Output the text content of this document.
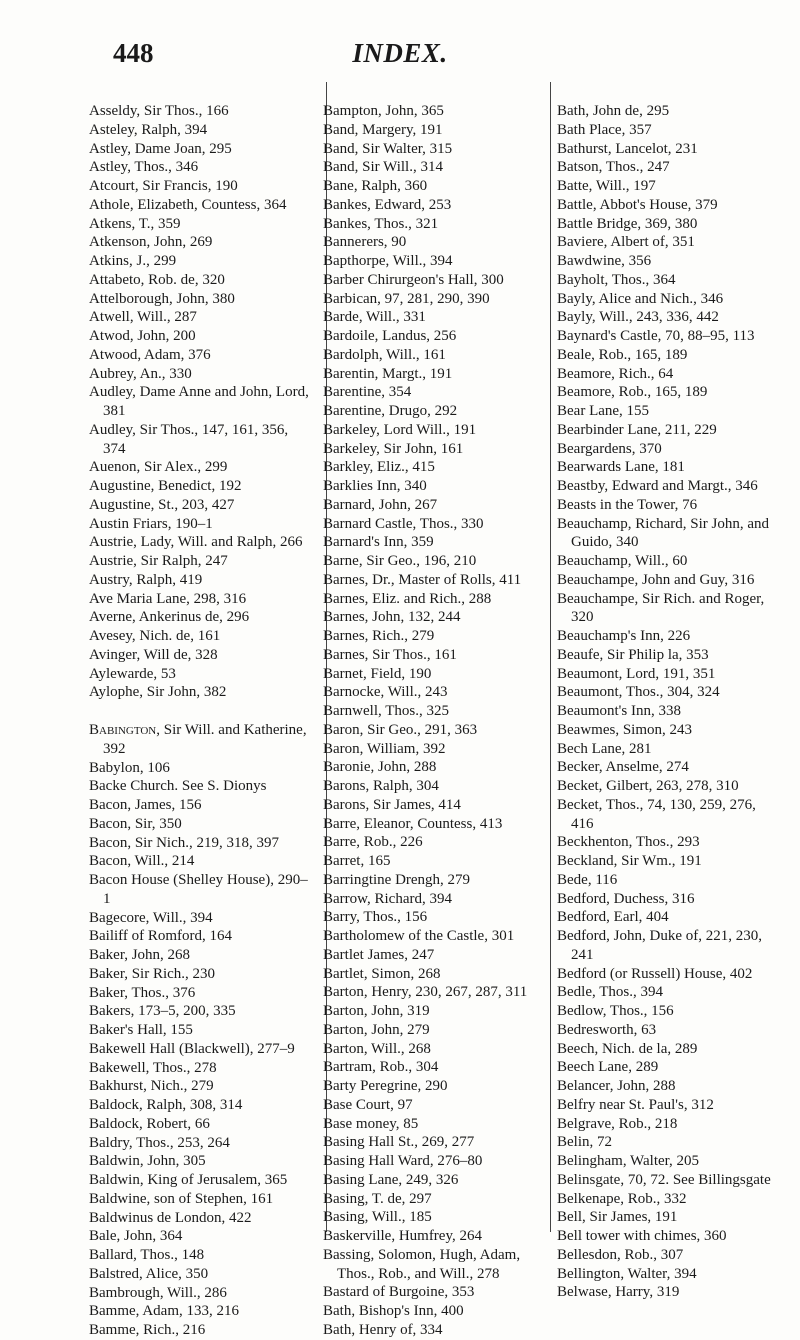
448	INDEX.
Asseldy, Sir Thos., 166
Asteley, Ralph, 394
Astley, Dame Joan, 295
Astley, Thos., 346
Atcourt, Sir Francis, 190
Athole, Elizabeth, Countess, 364
Atkens, T., 359
Atkenson, John, 269
Atkins, J., 299
Attabeto, Rob. de, 320
Attelborough, John, 380
Atwell, Will., 287
Atwod, John, 200
Atwood, Adam, 376
Aubrey, An., 330
Audley, Dame Anne and John, Lord, 381
Audley, Sir Thos., 147, 161, 356, 374
Auenon, Sir Alex., 299
Augustine, Benedict, 192
Augustine, St., 203, 427
Austin Friars, 190–1
Austrie, Lady, Will. and Ralph, 266
Austrie, Sir Ralph, 247
Austry, Ralph, 419
Ave Maria Lane, 298, 316
Averne, Ankerinus de, 296
Avesey, Nich. de, 161
Avinger, Will de, 328
Aylewarde, 53
Aylophe, Sir John, 382
Babington, Sir Will. and Katherine, 392
Babylon, 106
Backe Church. See S. Dionys
Bacon, James, 156
Bacon, Sir, 350
Bacon, Sir Nich., 219, 318, 397
Bacon, Will., 214
Bacon House (Shelley House), 290–1
Bagecore, Will., 394
Bailiff of Romford, 164
Baker, John, 268
Baker, Sir Rich., 230
Baker, Thos., 376
Bakers, 173–5, 200, 335
Baker's Hall, 155
Bakewell Hall (Blackwell), 277–9
Bakewell, Thos., 278
Bakhurst, Nich., 279
Baldock, Ralph, 308, 314
Baldock, Robert, 66
Baldry, Thos., 253, 264
Baldwin, John, 305
Baldwin, King of Jerusalem, 365
Baldwine, son of Stephen, 161
Baldwinus de London, 422
Bale, John, 364
Ballard, Thos., 148
Balstred, Alice, 350
Bambrough, Will., 286
Bamme, Adam, 133, 216
Bamme, Rich., 216
Bampton, John, 365
Band, Margery, 191
Band, Sir Walter, 315
Band, Sir Will., 314
Bane, Ralph, 360
Bankes, Edward, 253
Bankes, Thos., 321
Bannerers, 90
Bapthorpe, Will., 394
Barber Chirurgeon's Hall, 300
Barbican, 97, 281, 290, 390
Barde, Will., 331
Bardoile, Landus, 256
Bardolph, Will., 161
Barentin, Margt., 191
Barentine, 354
Barentine, Drugo, 292
Barkeley, Lord Will., 191
Barkeley, Sir John, 161
Barkley, Eliz., 415
Barklies Inn, 340
Barnard, John, 267
Barnard Castle, Thos., 330
Barnard's Inn, 359
Barne, Sir Geo., 196, 210
Barnes, Dr., Master of Rolls, 411
Barnes, Eliz. and Rich., 288
Barnes, John, 132, 244
Barnes, Rich., 279
Barnes, Sir Thos., 161
Barnet, Field, 190
Barnocke, Will., 243
Barnwell, Thos., 325
Baron, Sir Geo., 291, 363
Baron, William, 392
Baronie, John, 288
Barons, Ralph, 304
Barons, Sir James, 414
Barre, Eleanor, Countess, 413
Barre, Rob., 226
Barret, 165
Barringtine Drengh, 279
Barrow, Richard, 394
Barry, Thos., 156
Bartholomew of the Castle, 301
Bartlet James, 247
Bartlet, Simon, 268
Barton, Henry, 230, 267, 287, 311
Barton, John, 319
Barton, John, 279
Barton, Will., 268
Bartram, Rob., 304
Barty Peregrine, 290
Base Court, 97
Base money, 85
Basing Hall St., 269, 277
Basing Hall Ward, 276–80
Basing Lane, 249, 326
Basing, T. de, 297
Basing, Will., 185
Baskerville, Humfrey, 264
Bassing, Solomon, Hugh, Adam, Thos., Rob., and Will., 278
Bastard of Burgoine, 353
Bath, Bishop's Inn, 400
Bath, Henry of, 334
Bath, John de, 295
Bath Place, 357
Bathurst, Lancelot, 231
Batson, Thos., 247
Batte, Will., 197
Battle, Abbot's House, 379
Battle Bridge, 369, 380
Baviere, Albert of, 351
Bawdwine, 356
Bayholt, Thos., 364
Bayly, Alice and Nich., 346
Bayly, Will., 243, 336, 442
Baynard's Castle, 70, 88–95, 113
Beale, Rob., 165, 189
Beamore, Rich., 64
Beamore, Rob., 165, 189
Bear Lane, 155
Bearbinder Lane, 211, 229
Beargardens, 370
Bearwards Lane, 181
Beastby, Edward and Margt., 346
Beasts in the Tower, 76
Beauchamp, Richard, Sir John, and Guido, 340
Beauchamp, Will., 60
Beauchampe, John and Guy, 316
Beauchampe, Sir Rich. and Roger, 320
Beauchamp's Inn, 226
Beaufe, Sir Philip la, 353
Beaumont, Lord, 191, 351
Beaumont, Thos., 304, 324
Beaumont's Inn, 338
Beawmes, Simon, 243
Bech Lane, 281
Becker, Anselme, 274
Becket, Gilbert, 263, 278, 310
Becket, Thos., 74, 130, 259, 276, 416
Beckhenton, Thos., 293
Beckland, Sir Wm., 191
Bede, 116
Bedford, Duchess, 316
Bedford, Earl, 404
Bedford, John, Duke of, 221, 230, 241
Bedford (or Russell) House, 402
Bedle, Thos., 394
Bedlow, Thos., 156
Bedresworth, 63
Beech, Nich. de la, 289
Beech Lane, 289
Belancer, John, 288
Belfry near St. Paul's, 312
Belgrave, Rob., 218
Belin, 72
Belingham, Walter, 205
Belinsgate, 70, 72. See Billingsgate
Belkenape, Rob., 332
Bell, Sir James, 191
Bell tower with chimes, 360
Bellesdon, Rob., 307
Bellington, Walter, 394
Belwase, Harry, 319
